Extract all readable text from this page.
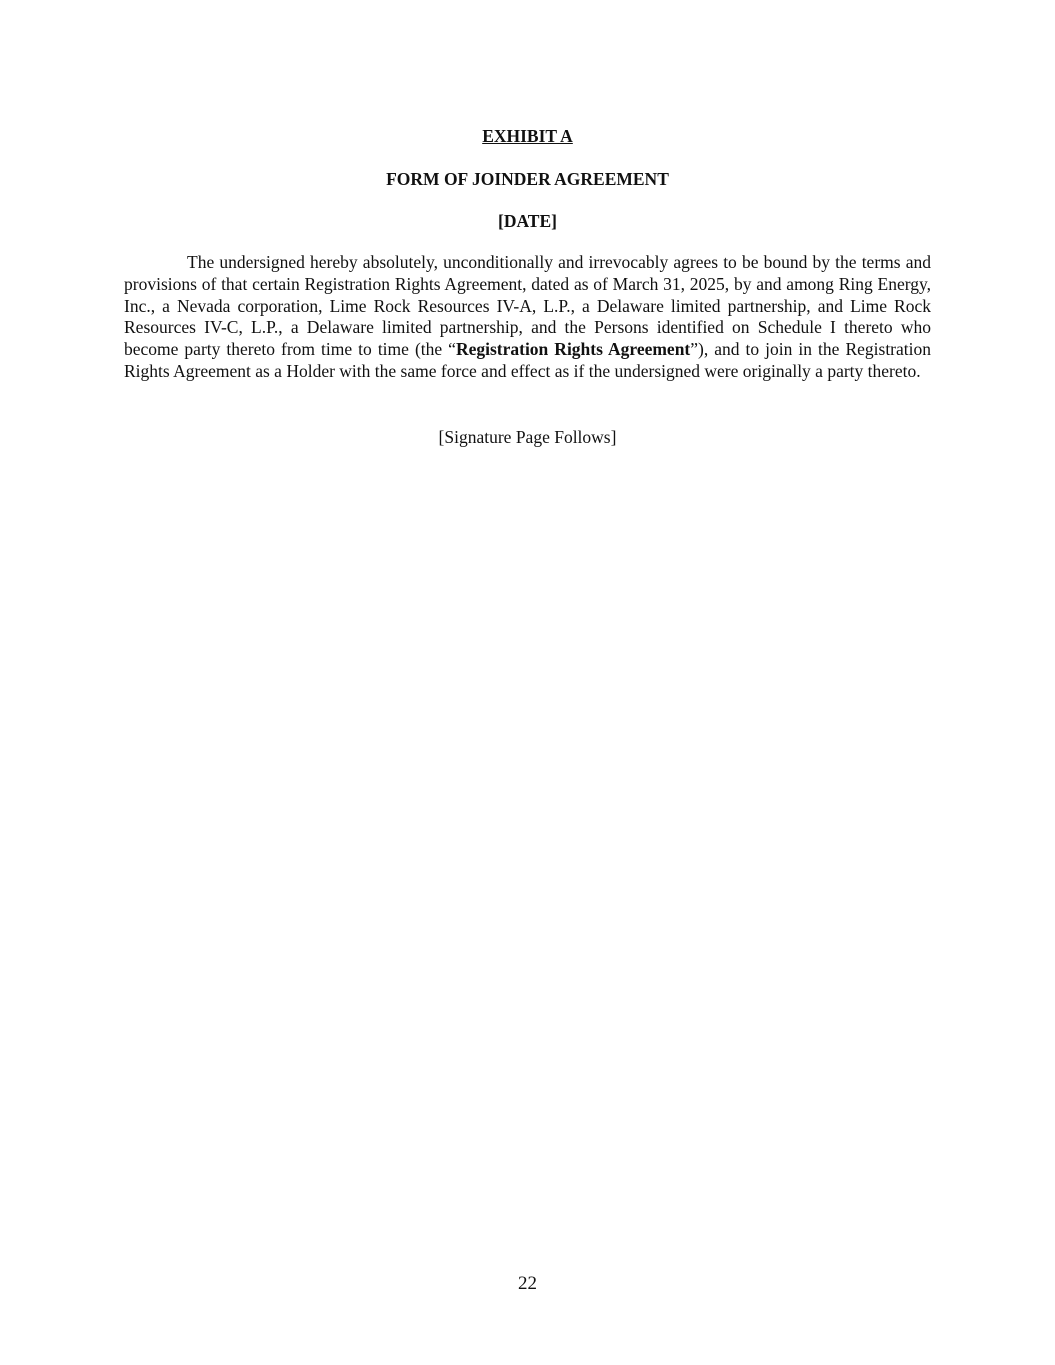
EXHIBIT A
FORM OF JOINDER AGREEMENT
[DATE]

The undersigned hereby absolutely, unconditionally and irrevocably agrees to be bound by the terms and provisions of that certain Registration Rights Agreement, dated as of March 31, 2025, by and among Ring Energy, Inc., a Nevada corporation, Lime Rock Resources IV-A, L.P., a Delaware limited partnership, and Lime Rock Resources IV-C, L.P., a Delaware limited partnership, and the Persons identified on Schedule I thereto who become party thereto from time to time (the “Registration Rights Agreement”), and to join in the Registration Rights Agreement as a Holder with the same force and effect as if the undersigned were originally a party thereto.

[Signature Page Follows]

22
